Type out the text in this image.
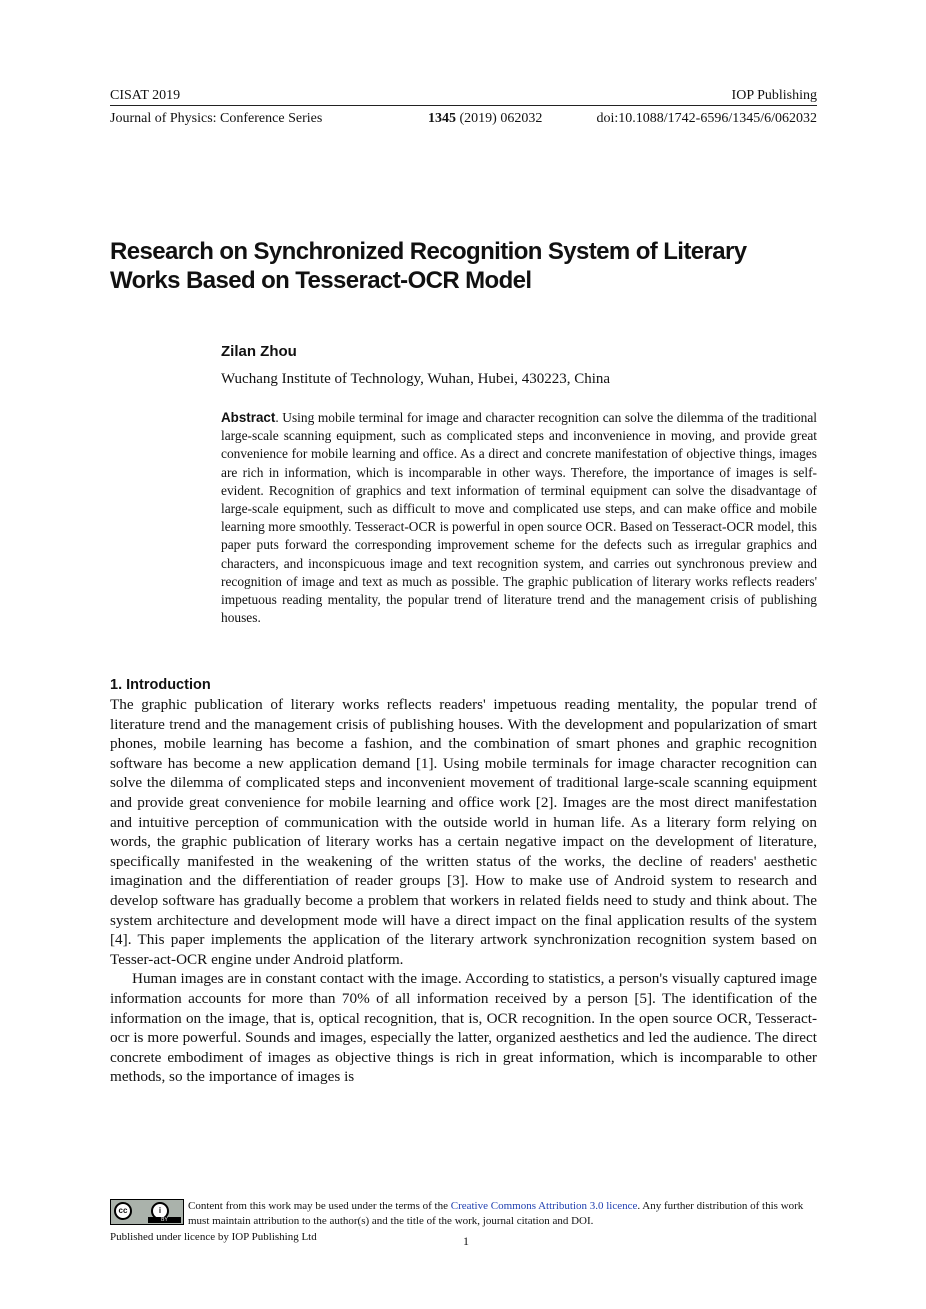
CISAT 2019	IOP Publishing
Journal of Physics: Conference Series	1345 (2019) 062032	doi:10.1088/1742-6596/1345/6/062032
Research on Synchronized Recognition System of Literary Works Based on Tesseract-OCR Model
Zilan Zhou
Wuchang Institute of Technology, Wuhan, Hubei, 430223, China
Abstract. Using mobile terminal for image and character recognition can solve the dilemma of the traditional large-scale scanning equipment, such as complicated steps and inconvenience in moving, and provide great convenience for mobile learning and office. As a direct and concrete manifestation of objective things, images are rich in information, which is incomparable in other ways. Therefore, the importance of images is self-evident. Recognition of graphics and text information of terminal equipment can solve the disadvantage of large-scale equipment, such as difficult to move and complicated use steps, and can make office and mobile learning more smoothly. Tesseract-OCR is powerful in open source OCR. Based on Tesseract-OCR model, this paper puts forward the corresponding improvement scheme for the defects such as irregular graphics and characters, and inconspicuous image and text recognition system, and carries out synchronous preview and recognition of image and text as much as possible. The graphic publication of literary works reflects readers' impetuous reading mentality, the popular trend of literature trend and the management crisis of publishing houses.
1. Introduction

The graphic publication of literary works reflects readers' impetuous reading mentality, the popular trend of literature trend and the management crisis of publishing houses. With the development and popularization of smart phones, mobile learning has become a fashion, and the combination of smart phones and graphic recognition software has become a new application demand [1]. Using mobile terminals for image character recognition can solve the dilemma of complicated steps and inconvenient movement of traditional large-scale scanning equipment and provide great convenience for mobile learning and office work [2]. Images are the most direct manifestation and intuitive perception of communication with the outside world in human life. As a literary form relying on words, the graphic publication of literary works has a certain negative impact on the development of literature, specifically manifested in the weakening of the written status of the works, the decline of readers' aesthetic imagination and the differentiation of reader groups [3]. How to make use of Android system to research and develop software has gradually become a problem that workers in related fields need to study and think about. The system architecture and development mode will have a direct impact on the final application results of the system [4]. This paper implements the application of the literary artwork synchronization recognition system based on Tesser-act-OCR engine under Android platform.

Human images are in constant contact with the image. According to statistics, a person's visually captured image information accounts for more than 70% of all information received by a person [5]. The identification of the information on the image, that is, optical recognition, that is, OCR recognition. In the open source OCR, Tesseract-ocr is more powerful. Sounds and images, especially the latter, organized aesthetics and led the audience. The direct concrete embodiment of images as objective things is rich in great information, which is incomparable to other methods, so the importance of images is

cc	i
BY
Content from this work may be used under the terms of the Creative Commons Attribution 3.0 licence. Any further distribution of this work must maintain attribution to the author(s) and the title of the work, journal citation and DOI.
Published under licence by IOP Publishing Ltd	1
